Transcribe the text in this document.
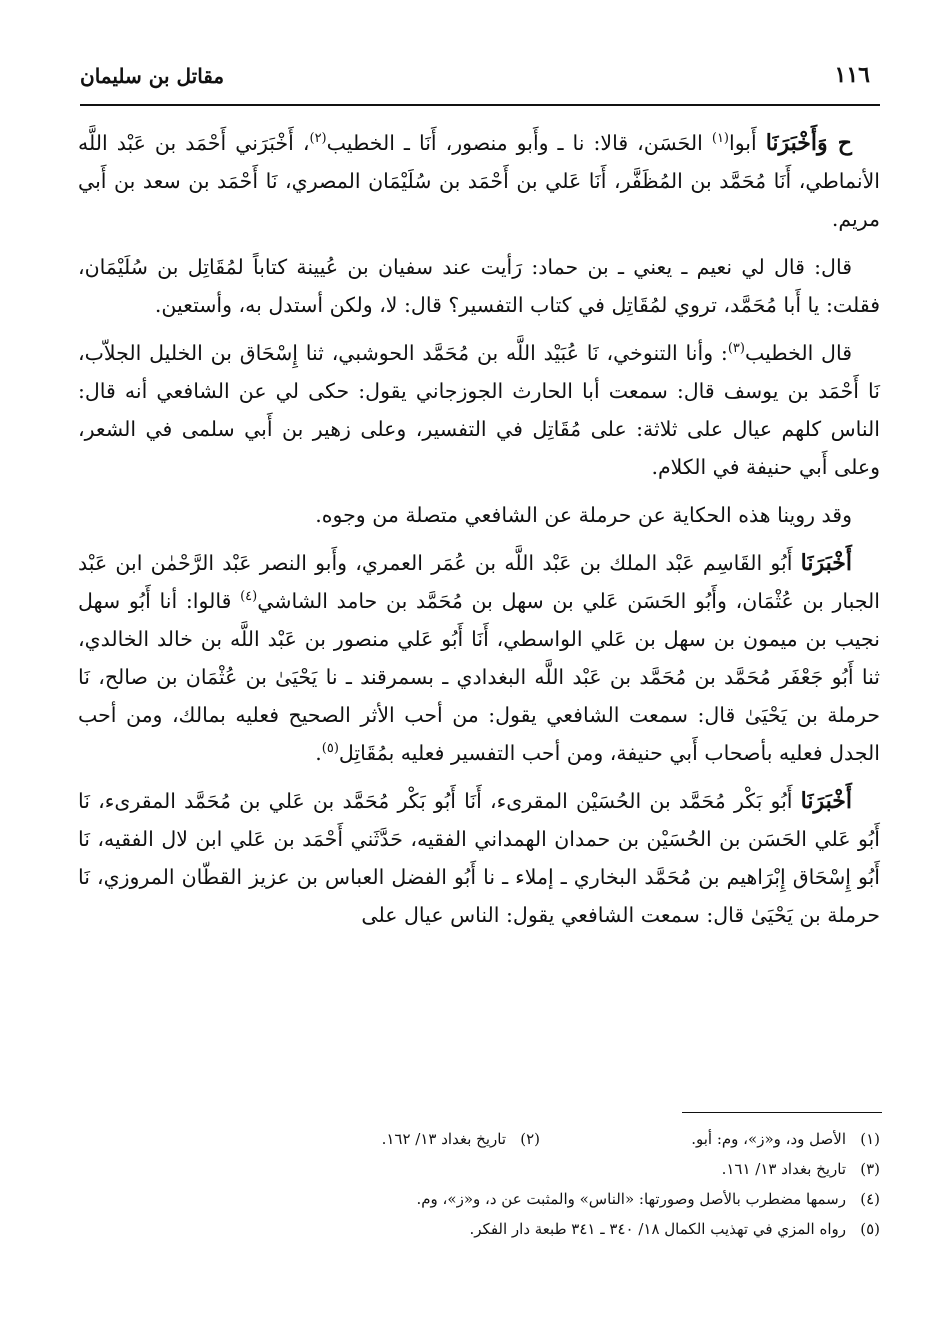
١١٦
مقاتل بن سليمان

ح وَأَخْبَرَنَا أَبوا$^{(١)}$ الحَسَن، قالا: نا ـ وأَبو منصور، أَنَا ـ الخطيب$^{(٢)}$، أَخْبَرَني أَحْمَد بن عَبْد اللَّه الأنماطي، أَنَا مُحَمَّد بن المُظَفَّر، أَنَا عَلي بن أَحْمَد بن سُلَيْمَان المصري، نَا أَحْمَد بن سعد بن أَبي مريم.

قال: قال لي نعيم ـ يعني ـ بن حماد: رَأيت عند سفيان بن عُيينة كتاباً لمُقَاتِل بن سُلَيْمَان، فقلت: يا أَبا مُحَمَّد، تروي لمُقَاتِل في كتاب التفسير؟ قال: لا، ولكن أستدل به، وأستعين.

قال الخطيب$^{(٣)}$: وأنا التنوخي، نَا عُبَيْد اللَّه بن مُحَمَّد الحوشبي، ثنا إِسْحَاق بن الخليل الجلاّب، نَا أَحْمَد بن يوسف قال: سمعت أبا الحارث الجوزجاني يقول: حكى لي عن الشافعي أنه قال: الناس كلهم عيال على ثلاثة: على مُقَاتِل في التفسير، وعلى زهير بن أَبي سلمى في الشعر، وعلى أَبي حنيفة في الكلام.

وقد روينا هذه الحكاية عن حرملة عن الشافعي متصلة من وجوه.

أَخْبَرَنَا أَبُو القَاسِم عَبْد الملك بن عَبْد اللَّه بن عُمَر العمري، وأَبو النصر عَبْد الرَّحْمٰن ابن عَبْد الجبار بن عُثْمَان، وأَبُو الحَسَن عَلي بن سهل بن مُحَمَّد بن حامد الشاشي$^{(٤)}$ قالوا: أنا أَبُو سهل نجيب بن ميمون بن سهل بن عَلي الواسطي، أَنَا أَبُو عَلي منصور بن عَبْد اللَّه بن خالد الخالدي، ثنا أَبُو جَعْفَر مُحَمَّد بن مُحَمَّد بن عَبْد اللَّه البغدادي ـ بسمرقند ـ نا يَحْيَىٰ بن عُثْمَان بن صالح، نَا حرملة بن يَحْيَىٰ قال: سمعت الشافعي يقول: من أحب الأثر الصحيح فعليه بمالك، ومن أحب الجدل فعليه بأصحاب أَبي حنيفة، ومن أحب التفسير فعليه بمُقَاتِل$^{(٥)}$.

أَخْبَرَنَا أَبُو بَكْر مُحَمَّد بن الحُسَيْن المقرىء، أَنَا أَبُو بَكْر مُحَمَّد بن عَلي بن مُحَمَّد المقرىء، نَا أَبُو عَلي الحَسَن بن الحُسَيْن بن حمدان الهمداني الفقيه، حَدَّثَني أَحْمَد بن عَلي ابن لال الفقيه، نَا أَبُو إِسْحَاق إِبْرَاهيم بن مُحَمَّد البخاري ـ إملاء ـ نا أَبُو الفضل العباس بن عزيز القطّان المروزي، نَا حرملة بن يَحْيَىٰ قال: سمعت الشافعي يقول: الناس عيال على

(١)الأصل ود، و«ز»، وم: أبو.
(٢)تاريخ بغداد ١٣/ ١٦٢.
(٣)تاريخ بغداد ١٣/ ١٦١.
(٤)رسمها مضطرب بالأصل وصورتها: «الناس» والمثبت عن د، و«ز»، وم.
(٥)رواه المزي في تهذيب الكمال ١٨/ ٣٤٠ ـ ٣٤١ طبعة دار الفكر.
